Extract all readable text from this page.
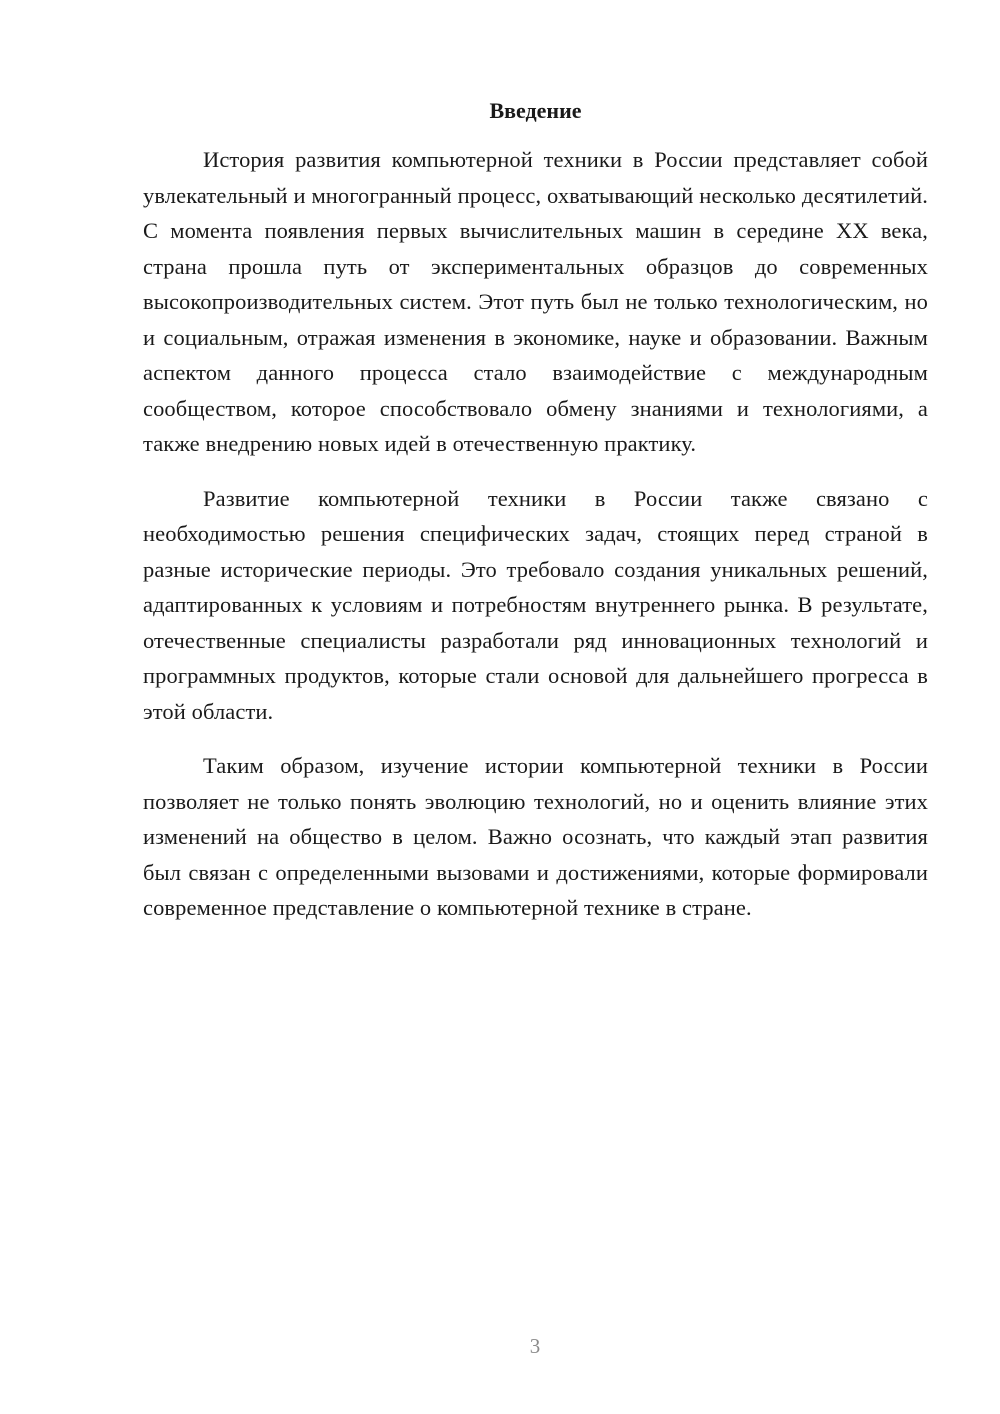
Введение

История развития компьютерной техники в России представляет собой увлекательный и многогранный процесс, охватывающий несколько десятилетий. С момента появления первых вычислительных машин в середине XX века, страна прошла путь от экспериментальных образцов до современных высокопроизводительных систем. Этот путь был не только технологическим, но и социальным, отражая изменения в экономике, науке и образовании. Важным аспектом данного процесса стало взаимодействие с международным сообществом, которое способствовало обмену знаниями и технологиями, а также внедрению новых идей в отечественную практику.

Развитие компьютерной техники в России также связано с необходимостью решения специфических задач, стоящих перед страной в разные исторические периоды. Это требовало создания уникальных решений, адаптированных к условиям и потребностям внутреннего рынка. В результате, отечественные специалисты разработали ряд инновационных технологий и программных продуктов, которые стали основой для дальнейшего прогресса в этой области.

Таким образом, изучение истории компьютерной техники в России позволяет не только понять эволюцию технологий, но и оценить влияние этих изменений на общество в целом. Важно осознать, что каждый этап развития был связан с определенными вызовами и достижениями, которые формировали современное представление о компьютерной технике в стране.

3
